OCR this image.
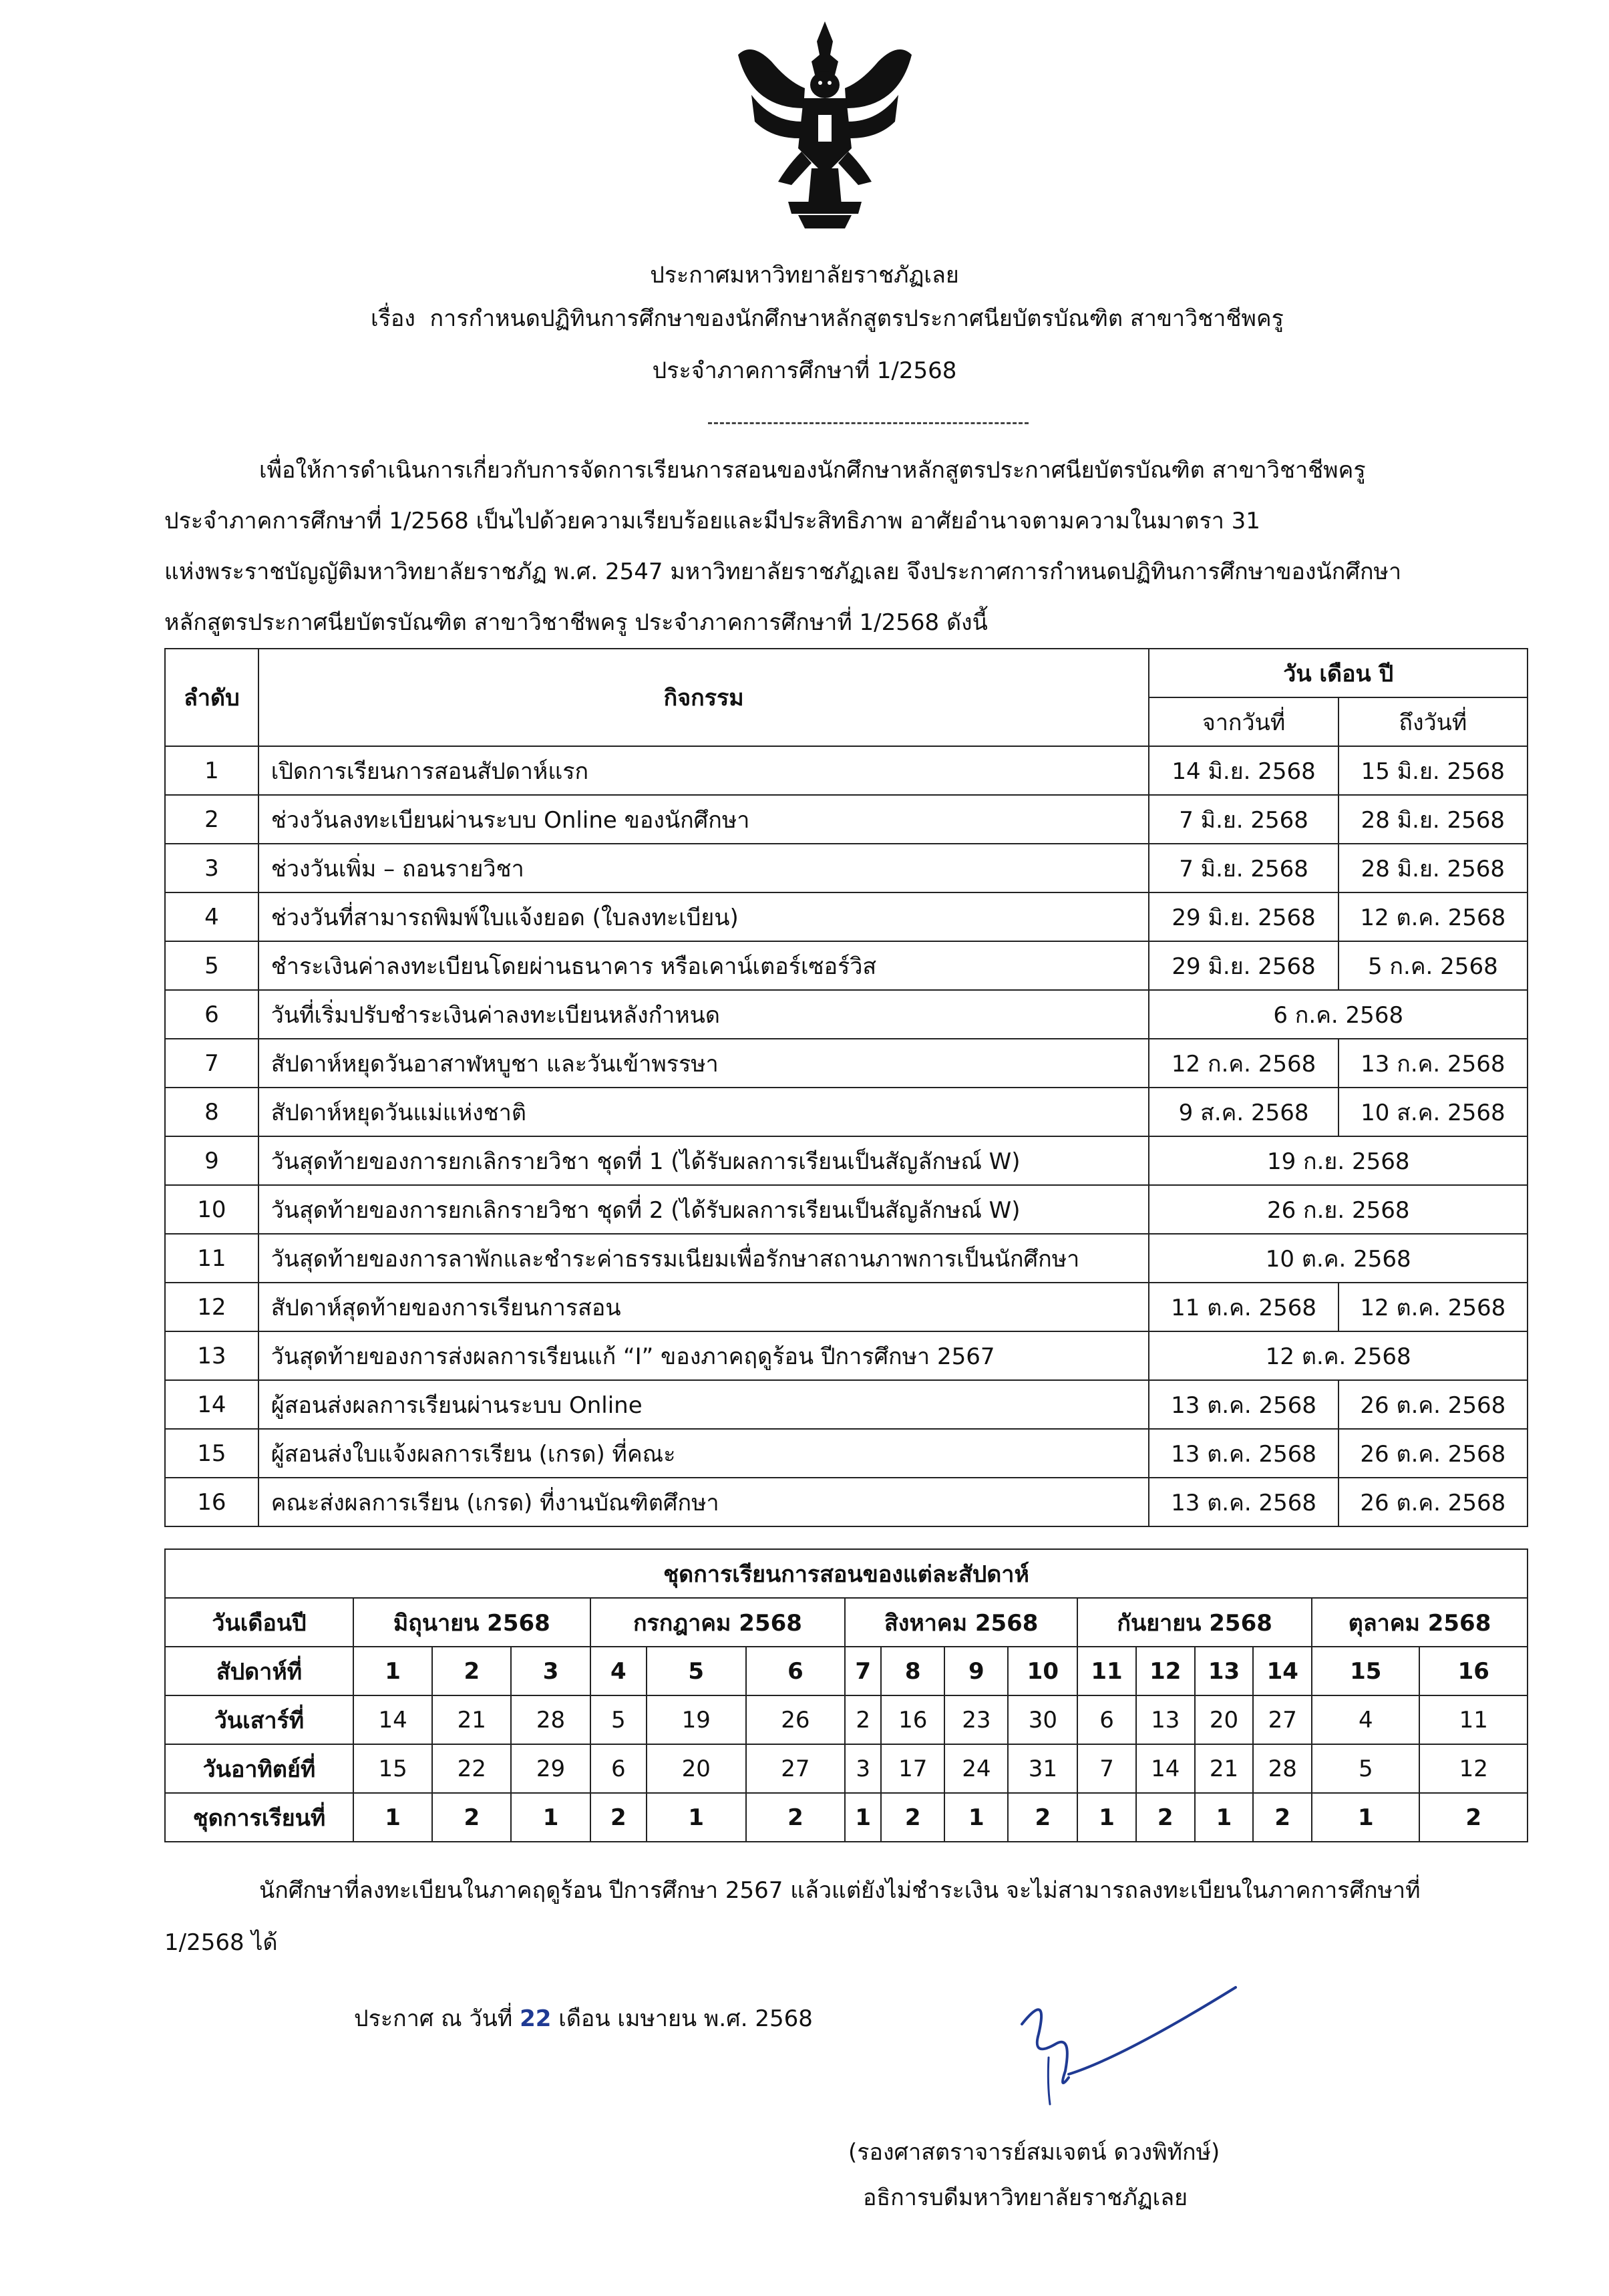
ประกาศมหาวิทยาลัยราชภัฏเลย
เรื่อง การกำหนดปฏิทินการศึกษาของนักศึกษาหลักสูตรประกาศนียบัตรบัณฑิต สาขาวิชาชีพครู
ประจำภาคการศึกษาที่ 1/2568
เพื่อให้การดำเนินการเกี่ยวกับการจัดการเรียนการสอนของนักศึกษาหลักสูตรประกาศนียบัตรบัณฑิต สาขาวิชาชีพครู
ประจำภาคการศึกษาที่ 1/2568 เป็นไปด้วยความเรียบร้อยและมีประสิทธิภาพ อาศัยอำนาจตามความในมาตรา 31
แห่งพระราชบัญญัติมหาวิทยาลัยราชภัฏ พ.ศ. 2547 มหาวิทยาลัยราชภัฏเลย จึงประกาศการกำหนดปฏิทินการศึกษาของนักศึกษา
หลักสูตรประกาศนียบัตรบัณฑิต สาขาวิชาชีพครู ประจำภาคการศึกษาที่ 1/2568 ดังนี้
ลำดับ	กิจกรรม	วัน เดือน ปี	
		จากวันที่	ถึงวันที่
1	เปิดการเรียนการสอนสัปดาห์แรก	14 มิ.ย. 2568	15 มิ.ย. 2568
2	ช่วงวันลงทะเบียนผ่านระบบ Online ของนักศึกษา	7 มิ.ย. 2568	28 มิ.ย. 2568
3	ช่วงวันเพิ่ม – ถอนรายวิชา	7 มิ.ย. 2568	28 มิ.ย. 2568
4	ช่วงวันที่สามารถพิมพ์ใบแจ้งยอด (ใบลงทะเบียน)	29 มิ.ย. 2568	12 ต.ค. 2568
5	ชำระเงินค่าลงทะเบียนโดยผ่านธนาคาร หรือเคาน์เตอร์เซอร์วิส	29 มิ.ย. 2568	5 ก.ค. 2568
6	วันที่เริ่มปรับชำระเงินค่าลงทะเบียนหลังกำหนด	6 ก.ค. 2568	
7	สัปดาห์หยุดวันอาสาฬหบูชา และวันเข้าพรรษา	12 ก.ค. 2568	13 ก.ค. 2568
8	สัปดาห์หยุดวันแม่แห่งชาติ	9 ส.ค. 2568	10 ส.ค. 2568
9	วันสุดท้ายของการยกเลิกรายวิชา ชุดที่ 1 (ได้รับผลการเรียนเป็นสัญลักษณ์ W)	19 ก.ย. 2568	
10	วันสุดท้ายของการยกเลิกรายวิชา ชุดที่ 2 (ได้รับผลการเรียนเป็นสัญลักษณ์ W)	26 ก.ย. 2568	
11	วันสุดท้ายของการลาพักและชำระค่าธรรมเนียมเพื่อรักษาสถานภาพการเป็นนักศึกษา	10 ต.ค. 2568	
12	สัปดาห์สุดท้ายของการเรียนการสอน	11 ต.ค. 2568	12 ต.ค. 2568
13	วันสุดท้ายของการส่งผลการเรียนแก้ “I” ของภาคฤดูร้อน ปีการศึกษา 2567	12 ต.ค. 2568	
14	ผู้สอนส่งผลการเรียนผ่านระบบ Online	13 ต.ค. 2568	26 ต.ค. 2568
15	ผู้สอนส่งใบแจ้งผลการเรียน (เกรด) ที่คณะ	13 ต.ค. 2568	26 ต.ค. 2568
16	คณะส่งผลการเรียน (เกรด) ที่งานบัณฑิตศึกษา	13 ต.ค. 2568	26 ต.ค. 2568
ชุดการเรียนการสอนของแต่ละสัปดาห์																
วันเดือนปี	มิถุนายน 2568			กรกฎาคม 2568			สิงหาคม 2568				กันยายน 2568				ตุลาคม 2568	
สัปดาห์ที่	1	2	3	4	5	6	7	8	9	10	11	12	13	14	15	16
วันเสาร์ที่	14	21	28	5	19	26	2	16	23	30	6	13	20	27	4	11
วันอาทิตย์ที่	15	22	29	6	20	27	3	17	24	31	7	14	21	28	5	12
ชุดการเรียนที่	1	2	1	2	1	2	1	2	1	2	1	2	1	2	1	2
นักศึกษาที่ลงทะเบียนในภาคฤดูร้อน ปีการศึกษา 2567 แล้วแต่ยังไม่ชำระเงิน จะไม่สามารถลงทะเบียนในภาคการศึกษาที่
1/2568 ได้
ประกาศ ณ วันที่ 22 เดือน เมษายน พ.ศ. 2568
(รองศาสตราจารย์สมเจตน์ ดวงพิทักษ์)
อธิการบดีมหาวิทยาลัยราชภัฏเลย
